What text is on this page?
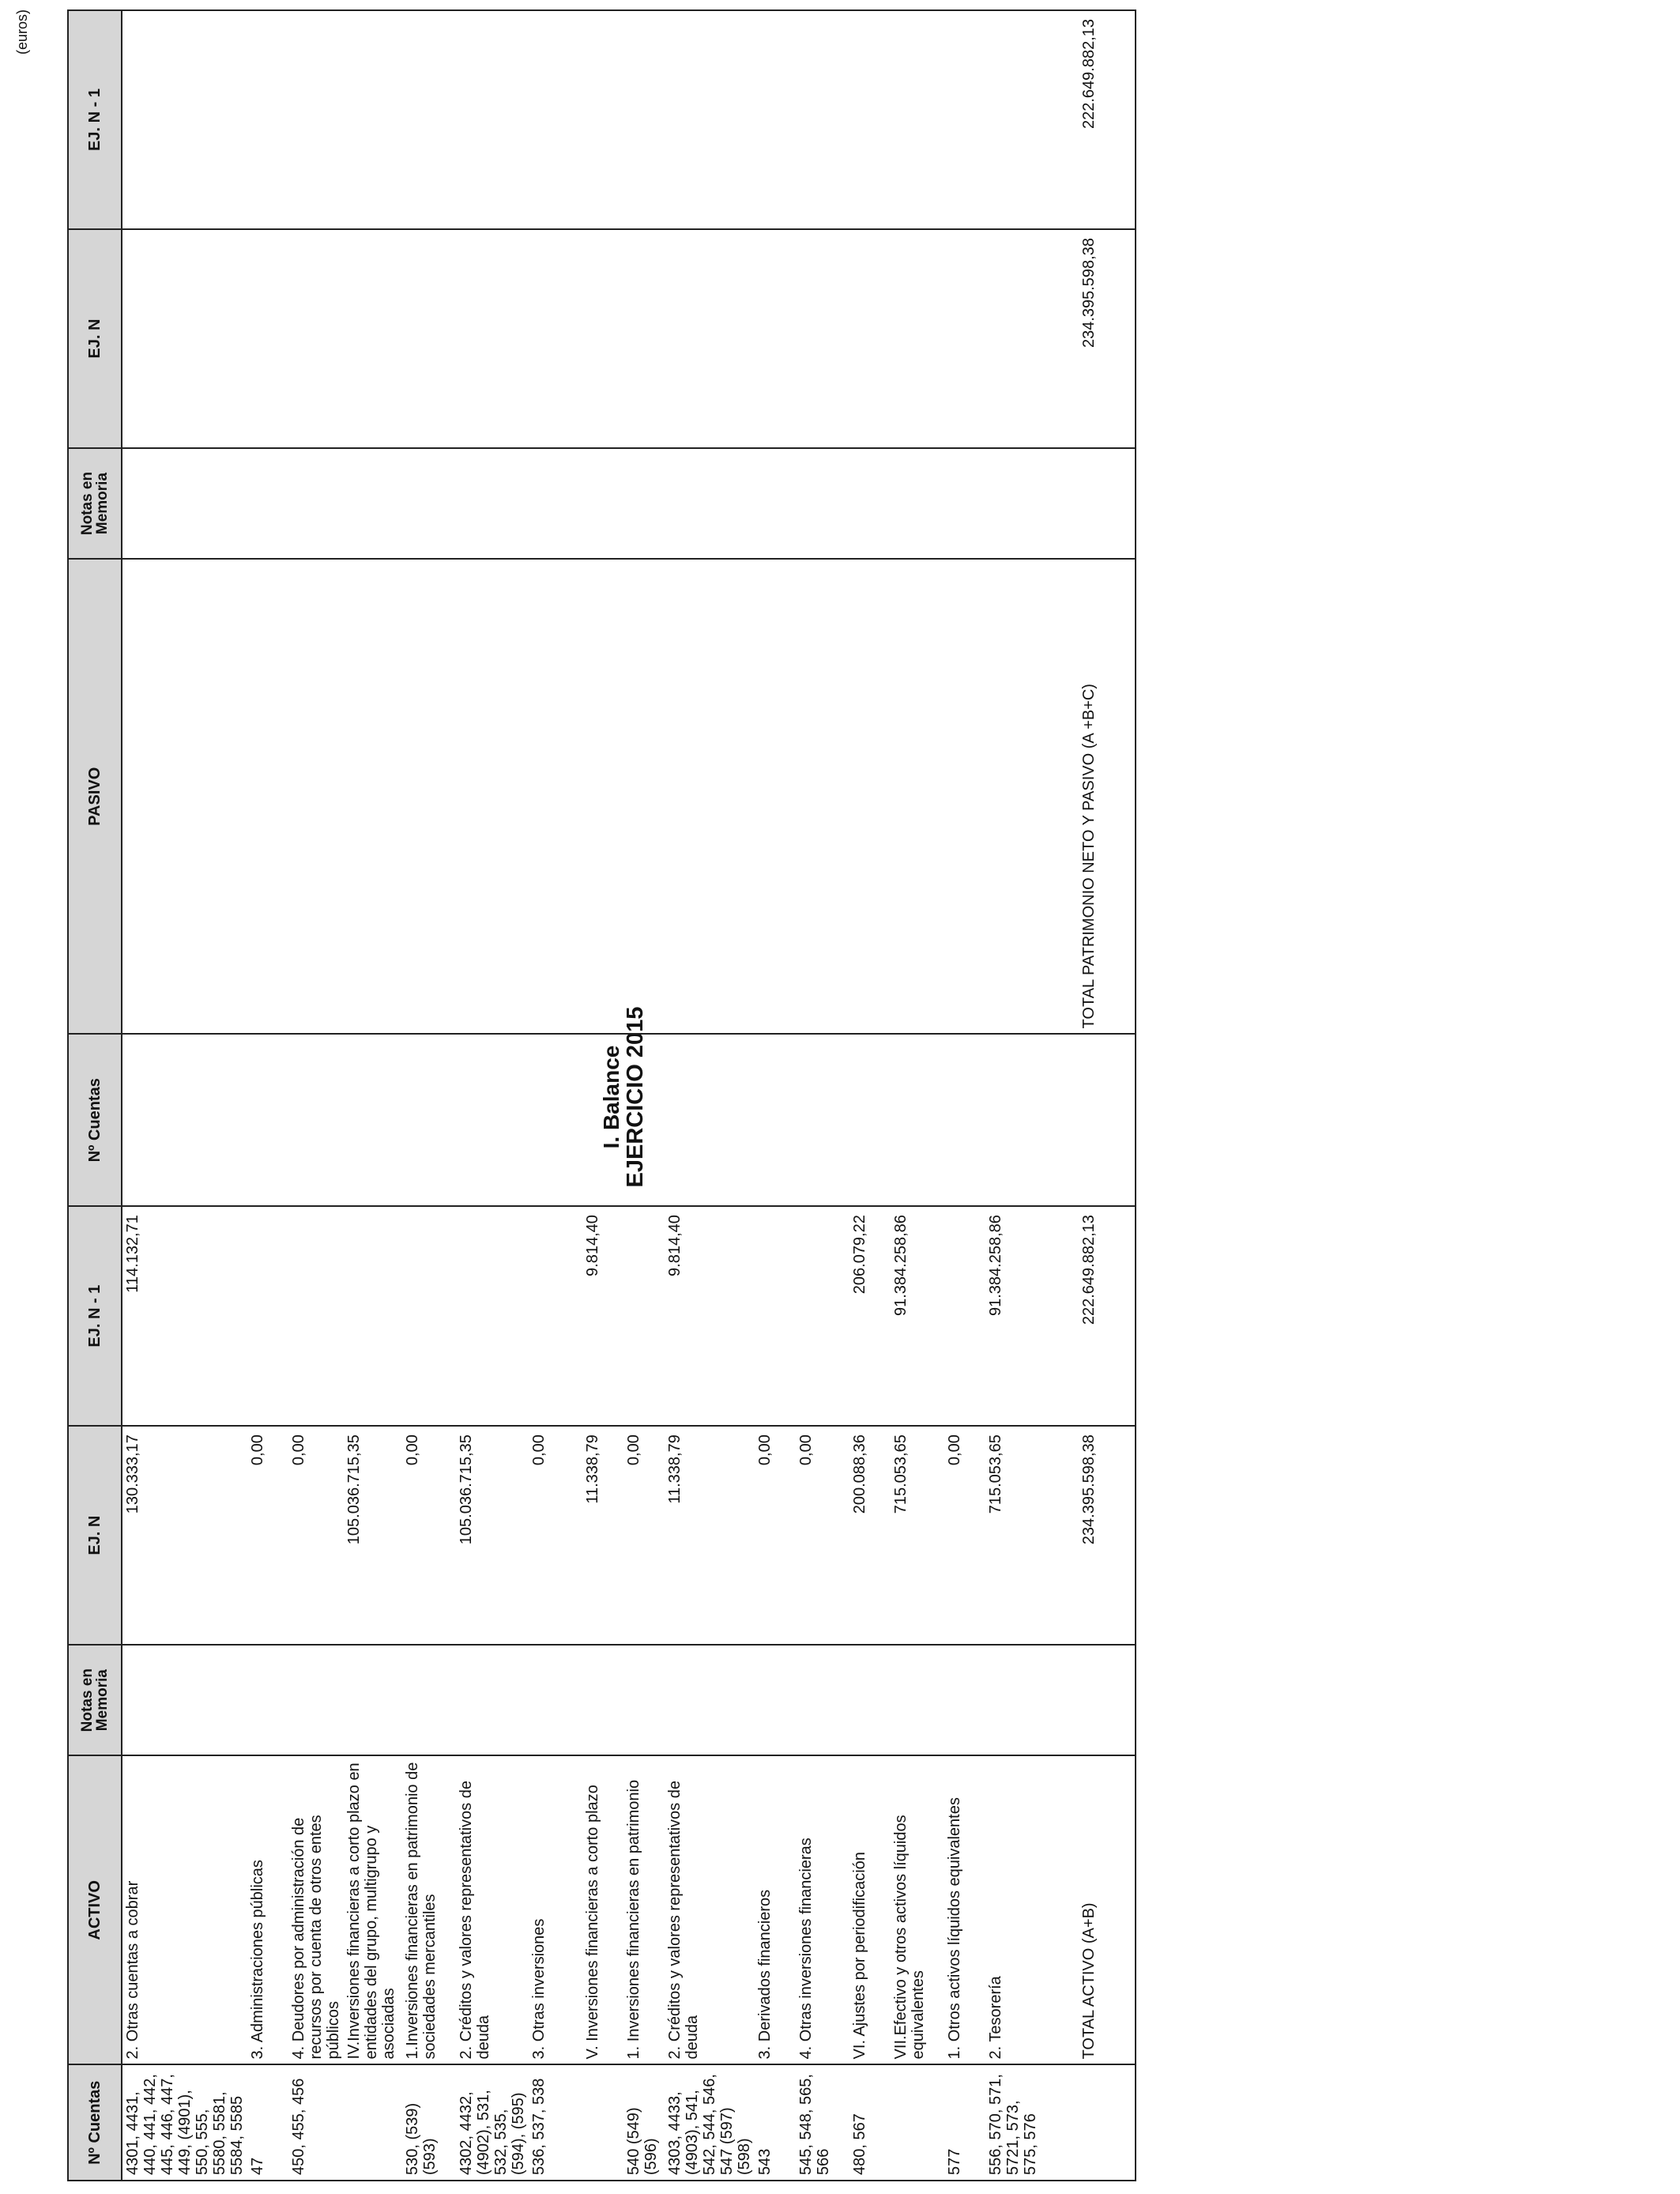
I. Balance EJERCICIO 2015
(euros)
Nº Cuentas	ACTIVO	Notas en Memoria	EJ. N	EJ. N - 1	Nº Cuentas	PASIVO	Notas en Memoria	EJ. N	EJ. N - 1
4301, 4431, 440, 441, 442, 445, 446, 447, 449, (4901), 550, 555, 5580, 5581, 5584, 5585	2. Otras cuentas a cobrar		130.333,17	114.132,71					
47	3. Administraciones públicas		0,00						
450, 455, 456	4. Deudores por administración de recursos por cuenta de otros entes públicos		0,00						
	IV.Inversiones financieras a corto plazo en entidades del grupo, multigrupo y asociadas		105.036.715,35						
530, (539) (593)	1.Inversiones financieras en patrimonio de sociedades mercantiles		0,00						
4302, 4432, (4902), 531, 532, 535, (594), (595)	2. Créditos y valores representativos de deuda		105.036.715,35						
536, 537, 538	3. Otras inversiones		0,00						
	V. Inversiones financieras a corto plazo		11.338,79	9.814,40					
540 (549) (596)	1. Inversiones financieras en patrimonio		0,00						
4303, 4433, (4903), 541, 542, 544, 546, 547 (597) (598)	2. Créditos y valores representativos de deuda		11.338,79	9.814,40					
543	3. Derivados financieros		0,00						
545, 548, 565, 566	4. Otras inversiones financieras		0,00						
480, 567	VI. Ajustes por periodificación		200.088,36	206.079,22					
	VII.Efectivo y otros activos líquidos equivalentes		715.053,65	91.384.258,86					
577	1. Otros activos líquidos equivalentes		0,00						
556, 570, 571, 5721, 573, 575, 576	2. Tesorería		715.053,65	91.384.258,86					
	TOTAL ACTIVO (A+B)		234.395.598,38	222.649.882,13		TOTAL PATRIMONIO NETO Y PASIVO (A +B+C)		234.395.598,38	222.649.882,13
